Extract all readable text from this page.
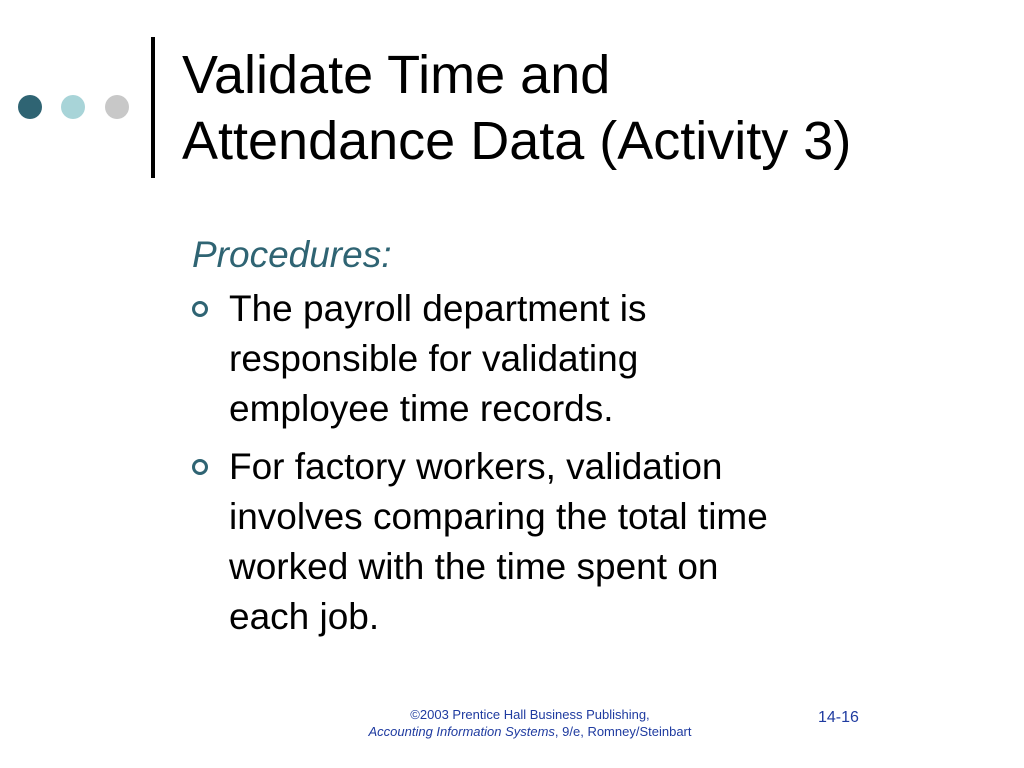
Validate Time and
Attendance Data (Activity 3)
Procedures:
The payroll department is
responsible for validating
employee time records.
For factory workers, validation
involves comparing the total time
worked with the time spent on
each job.
©2003 Prentice Hall Business Publishing,
Accounting Information Systems, 9/e, Romney/Steinbart
14-16
